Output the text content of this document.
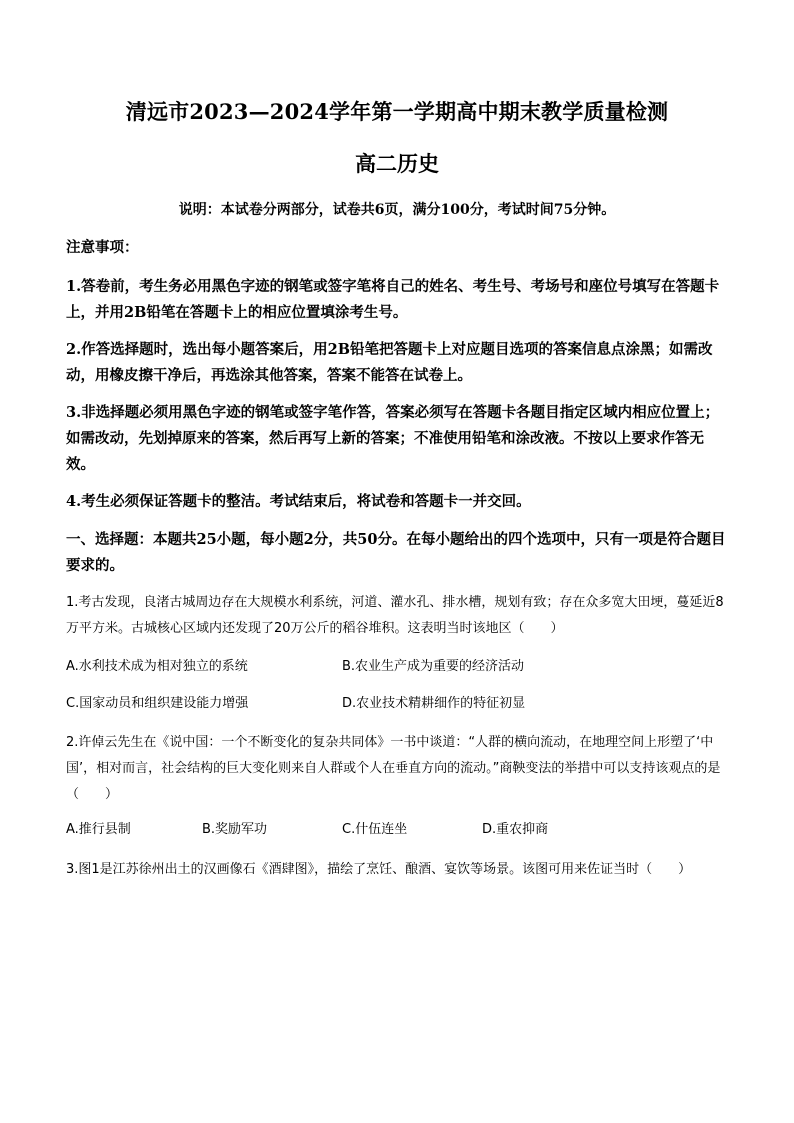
清远市2023—2024学年第一学期高中期末教学质量检测
高二历史
说明：本试卷分两部分，试卷共6页，满分100分，考试时间75分钟。
注意事项：
1.答卷前，考生务必用黑色字迹的钢笔或签字笔将自己的姓名、考生号、考场号和座位号填写在答题卡上，并用2B铅笔在答题卡上的相应位置填涂考生号。
2.作答选择题时，选出每小题答案后，用2B铅笔把答题卡上对应题目选项的答案信息点涂黑；如需改动，用橡皮擦干净后，再选涂其他答案，答案不能答在试卷上。
3.非选择题必须用黑色字迹的钢笔或签字笔作答，答案必须写在答题卡各题目指定区域内相应位置上；如需改动，先划掉原来的答案，然后再写上新的答案；不准使用铅笔和涂改液。不按以上要求作答无效。
4.考生必须保证答题卡的整洁。考试结束后，将试卷和答题卡一并交回。
一、选择题：本题共25小题，每小题2分，共50分。在每小题给出的四个选项中，只有一项是符合题目要求的。
1.考古发现，良渚古城周边存在大规模水利系统，河道、灌水孔、排水槽，规划有致；存在众多宽大田埂，蔓延近8万平方米。古城核心区域内还发现了20万公斤的稻谷堆积。这表明当时该地区（　　）
A.水利技术成为相对独立的系统	B.农业生产成为重要的经济活动
C.国家动员和组织建设能力增强	D.农业技术精耕细作的特征初显
2.许倬云先生在《说中国：一个不断变化的复杂共同体》一书中谈道：“人群的横向流动，在地理空间上形塑了‘中国’，相对而言，社会结构的巨大变化则来自人群或个人在垂直方向的流动。”商鞅变法的举措中可以支持该观点的是（　　）
A.推行县制	B.奖励军功	C.什伍连坐	D.重农抑商
3.图1是江苏徐州出土的汉画像石《酒肆图》，描绘了烹饪、酿酒、宴饮等场景。该图可用来佐证当时（　　）
